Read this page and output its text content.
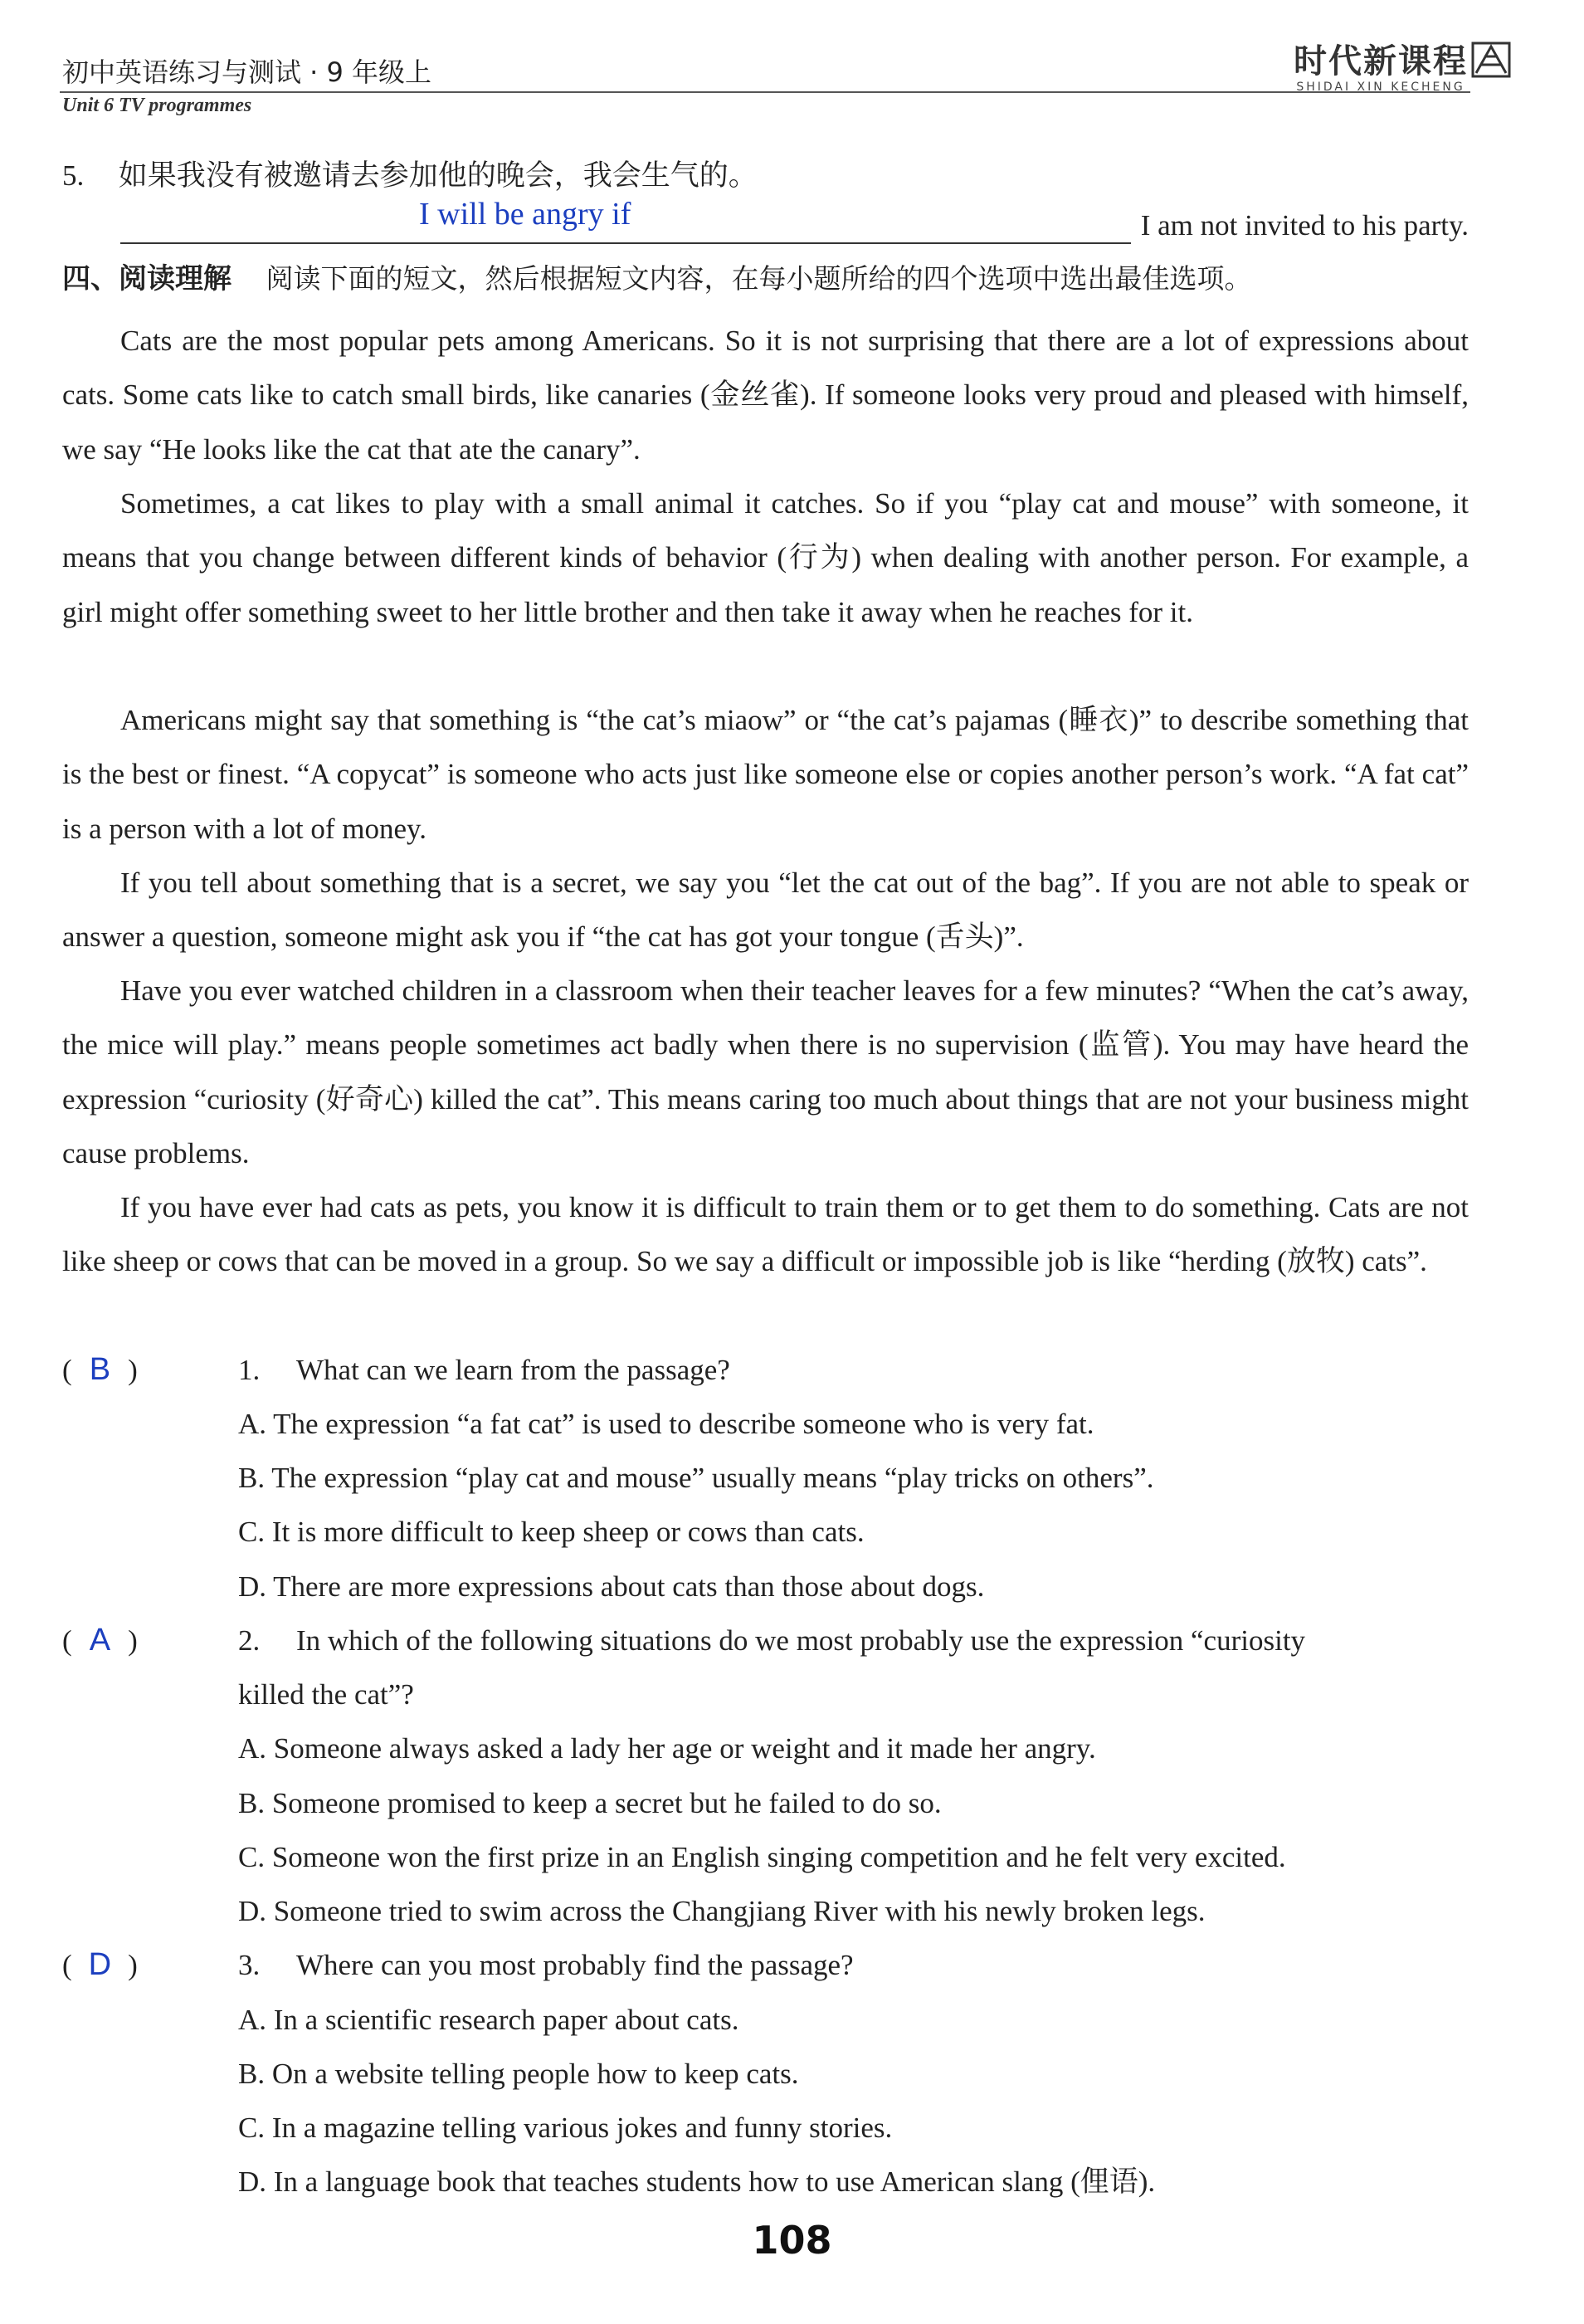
初中英语练习与测试 · 9 年级上
Unit 6 TV programmes
时代新课程
SHIDAI XIN KECHENG
5. 如果我没有被邀请去参加他的晚会，我会生气的。
I am not invited to his party.
I will be angry if
四、阅读理解 阅读下面的短文，然后根据短文内容，在每小题所给的四个选项中选出最佳选项。
Cats are the most popular pets among Americans. So it is not surprising that there are a lot of expressions about cats. Some cats like to catch small birds, like canaries (金丝雀). If someone looks very proud and pleased with himself, we say “He looks like the cat that ate the canary”.
Sometimes, a cat likes to play with a small animal it catches. So if you “play cat and mouse” with someone, it means that you change between different kinds of behavior (行为) when dealing with another person. For example, a girl might offer something sweet to her little brother and then take it away when he reaches for it.
Americans might say that something is “the cat’s miaow” or “the cat’s pajamas (睡衣)” to describe something that is the best or finest. “A copycat” is someone who acts just like someone else or copies another person’s work. “A fat cat” is a person with a lot of money.
If you tell about something that is a secret, we say you “let the cat out of the bag”. If you are not able to speak or answer a question, someone might ask you if “the cat has got your tongue (舌头)”.
Have you ever watched children in a classroom when their teacher leaves for a few minutes? “When the cat’s away, the mice will play.” means people sometimes act badly when there is no supervision (监管). You may have heard the expression “curiosity (好奇心) killed the cat”. This means caring too much about things that are not your business might cause problems.
If you have ever had cats as pets, you know it is difficult to train them or to get them to do something. Cats are not like sheep or cows that can be moved in a group. So we say a difficult or impossible job is like “herding (放牧) cats”.
( B )	1. What can we learn from the passage?
A. The expression “a fat cat” is used to describe someone who is very fat.
B. The expression “play cat and mouse” usually means “play tricks on others”.
C. It is more difficult to keep sheep or cows than cats.
D. There are more expressions about cats than those about dogs.
( A )	2. In which of the following situations do we most probably use the expression “curiosity
killed the cat”?
A. Someone always asked a lady her age or weight and it made her angry.
B. Someone promised to keep a secret but he failed to do so.
C. Someone won the first prize in an English singing competition and he felt very excited.
D. Someone tried to swim across the Changjiang River with his newly broken legs.
( D )	3. Where can you most probably find the passage?
A. In a scientific research paper about cats.
B. On a website telling people how to keep cats.
C. In a magazine telling various jokes and funny stories.
D. In a language book that teaches students how to use American slang (俚语).
108
